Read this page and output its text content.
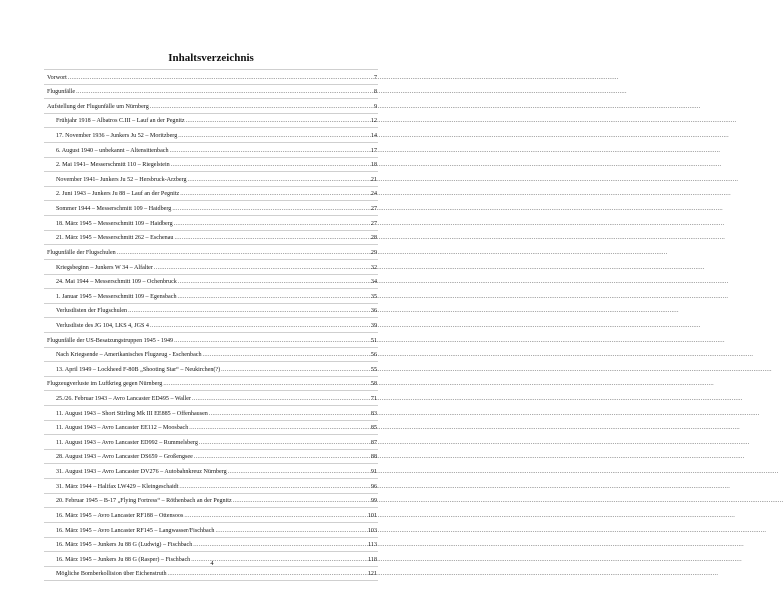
Inhaltsverzeichnis
Vorwort .....	7
Flugunfälle .....	8
Aufstellung der Flugunfälle um Nürnberg .....	9
Frühjahr 1918 – Albatros C.III – Lauf an der Pegnitz .....	12
17. November 1936 – Junkers Ju 52 – Moritzberg .....	14
6. August 1940 – unbekannt – Altensittenbach .....	17
2. Mai 1941– Messerschmitt 110 – Riegelstein .....	18
November 1941– Junkers Ju 52 – Hersbruck-Arzberg .....	21
2. Juni 1943 – Junkers Ju 88 – Lauf an der Pegnitz .....	24
Sommer 1944 – Messerschmitt 109 – Haidberg .....	27
18. März 1945 – Messerschmitt 109 – Haidberg .....	27
21. März 1945 – Messerschmitt 262 – Eschenau .....	28
Flugunfälle der Flugschulen .....	29
Kriegsbeginn – Junkers W 34 – Alfalter .....	32
24. Mai 1944 – Messerschmitt 109 – Ochenbruck .....	34
1. Januar 1945 – Messerschmitt 109 – Egensbach .....	35
Verlustlisten der Flugschulen .....	36
Verlustliste des JG 104, LKS 4, JGS 4 .....	39
Flugunfälle der US-Besatzungstruppen 1945 - 1949 .....	51
Nach Kriegsende – Amerikanisches Flugzeug - Eschenbach .....	56
13. April 1949 – Lockheed F-80B „Shooting Star“ – Neukirchen(?) .....	55
Flugzeugverluste im Luftkrieg gegen Nürnberg .....	58
25./26. Februar 1943 – Avro Lancaster ED495 – Waller .....	71
11. August 1943 – Short Stirling Mk III EE885 – Offenhausen .....	83
11. August 1943 – Avro Lancaster EE112 – Moosbach .....	85
11. August 1943 – Avro Lancaster ED992 – Rummelsberg .....	87
28. August 1943 – Avro Lancaster DS659 – Großengsee .....	88
31. August 1943 – Avro Lancaster DV276 – Autobahnkreuz Nürnberg .....	91
31. März 1944 – Halifax LW429 – Kleingeschaidt .....	96
20. Februar 1945 – B-17 „Flying Fortress“ – Röthenbach an der Pegnitz .....	99
16. März 1945 – Avro Lancaster RF188 – Ottensoos .....	101
16. März 1945 – Avro Lancaster RF145 – Langwasser/Fischbach .....	103
16. März 1945 – Junkers Ju 88 G (Ludwig) – Fischbach .....	113
16. März 1945 – Junkers Ju 88 G (Rasper) – Fischbach .....	118
Mögliche Bomberkollision über Eichenstruth .....	121
4
